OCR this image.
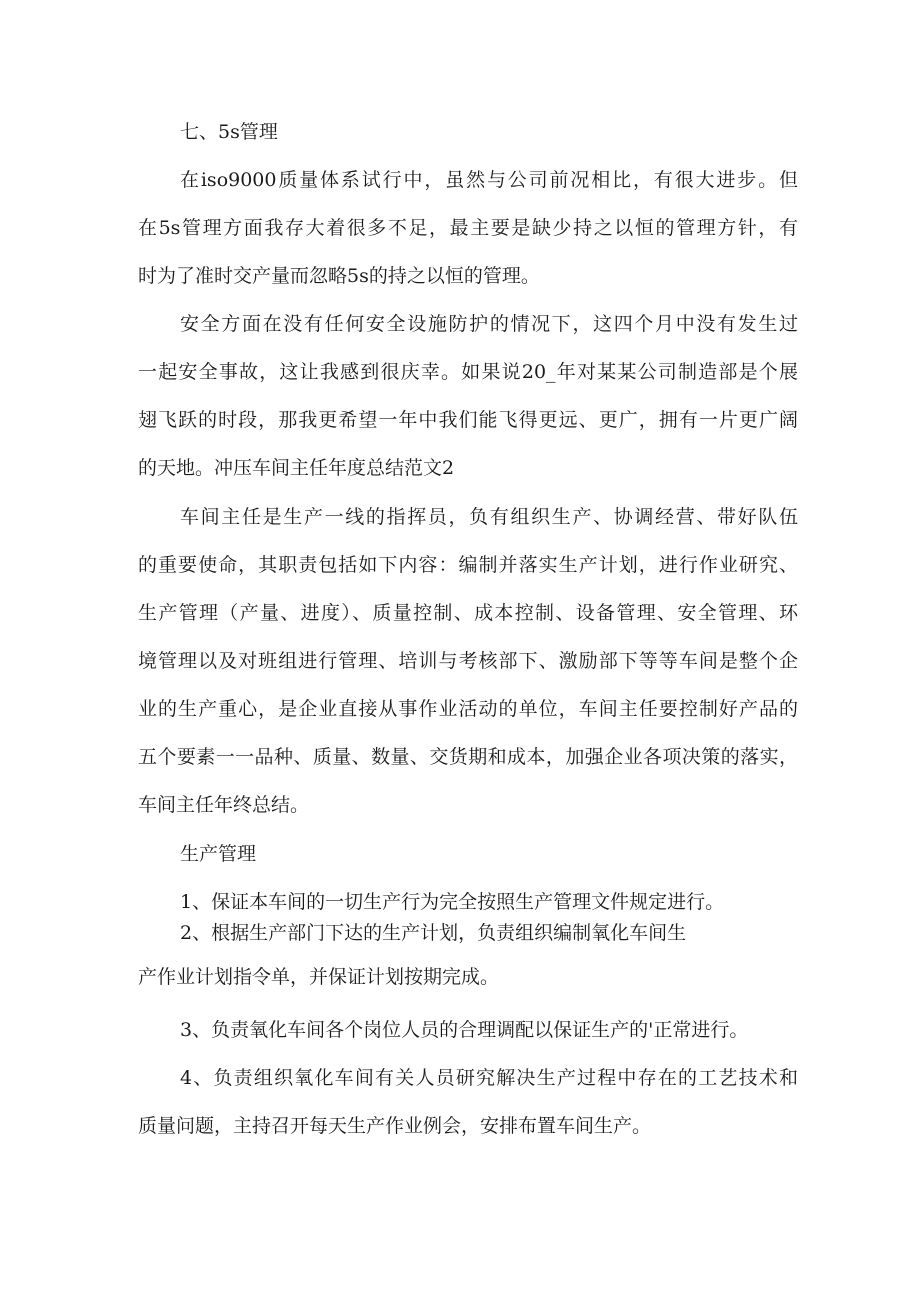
七、5s管理
在iso9000质量体系试行中，虽然与公司前况相比，有很大进步。但
在5s管理方面我存大着很多不足，最主要是缺少持之以恒的管理方针，有
时为了准时交产量而忽略5s的持之以恒的管理。
安全方面在没有任何安全设施防护的情况下，这四个月中没有发生过
一起安全事故，这让我感到很庆幸。如果说20_年对某某公司制造部是个展
翅飞跃的时段，那我更希望一年中我们能飞得更远、更广，拥有一片更广阔
的天地。冲压车间主任年度总结范文2
车间主任是生产一线的指挥员，负有组织生产、协调经营、带好队伍
的重要使命，其职责包括如下内容：编制并落实生产计划，进行作业研究、
生产管理（产量、进度）、质量控制、成本控制、设备管理、安全管理、环
境管理以及对班组进行管理、培训与考核部下、激励部下等等车间是整个企
业的生产重心，是企业直接从事作业活动的单位，车间主任要控制好产品的
五个要素一一品种、质量、数量、交货期和成本，加强企业各项决策的落实，
车间主任年终总结。
生产管理
1、保证本车间的一切生产行为完全按照生产管理文件规定进行。
2、根据生产部门下达的生产计划，负责组织编制氧化车间生
产作业计划指令单，并保证计划按期完成。
3、负责氧化车间各个岗位人员的合理调配以保证生产的'正常进行。
4、负责组织氧化车间有关人员研究解决生产过程中存在的工艺技术和
质量问题，主持召开每天生产作业例会，安排布置车间生产。
